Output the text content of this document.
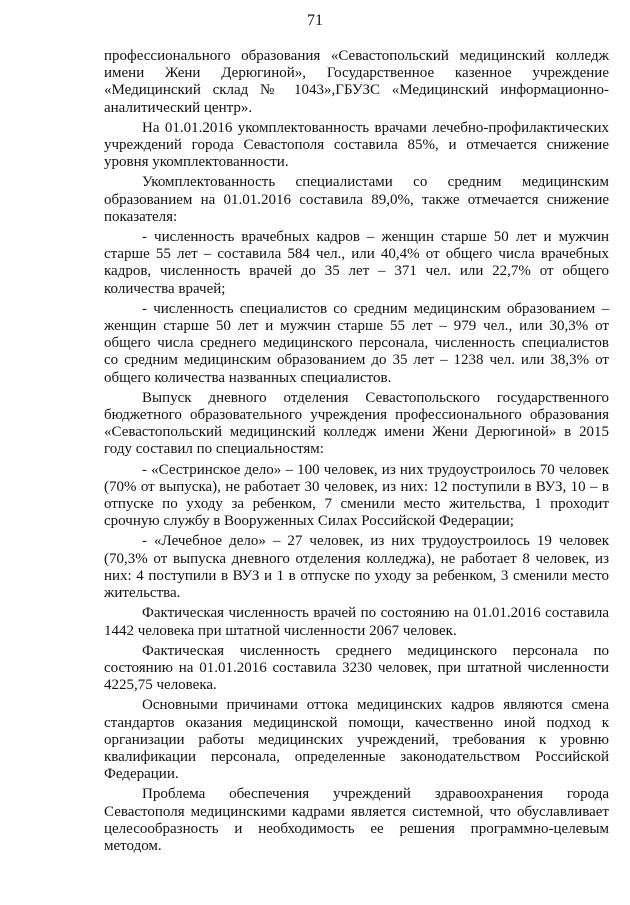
71

профессионального образования «Севастопольский медицинский колледж имени Жени Дерюгиной», Государственное казенное учреждение «Медицинский склад № 1043»,ГБУЗС «Медицинский информационно-аналитический центр».

На 01.01.2016 укомплектованность врачами лечебно-профилактических учреждений города Севастополя составила 85%, и отмечается снижение уровня укомплектованности.

Укомплектованность специалистами со средним медицинским образованием на 01.01.2016 составила 89,0%, также отмечается снижение показателя:

- численность врачебных кадров – женщин старше 50 лет и мужчин старше 55 лет – составила 584 чел., или 40,4% от общего числа врачебных кадров, численность врачей до 35 лет – 371 чел. или 22,7% от общего количества врачей;

- численность специалистов со средним медицинским образованием – женщин старше 50 лет и мужчин старше 55 лет – 979 чел., или 30,3% от общего числа среднего медицинского персонала, численность специалистов со средним медицинским образованием до 35 лет – 1238 чел. или 38,3% от общего количества названных специалистов.

Выпуск дневного отделения Севастопольского государственного бюджетного образовательного учреждения профессионального образования «Севастопольский медицинский колледж имени Жени Дерюгиной» в 2015 году составил по специальностям:

- «Сестринское дело» – 100 человек, из них трудоустроилось 70 человек (70% от выпуска), не работает 30 человек, из них: 12 поступили в ВУЗ, 10 – в отпуске по уходу за ребенком, 7 сменили место жительства, 1 проходит срочную службу в Вооруженных Силах Российской Федерации;

- «Лечебное дело» – 27 человек, из них трудоустроилось 19 человек (70,3% от выпуска дневного отделения колледжа), не работает 8 человек, из них: 4 поступили в ВУЗ и 1 в отпуске по уходу за ребенком, 3 сменили место жительства.

Фактическая численность врачей по состоянию на 01.01.2016 составила 1442 человека при штатной численности 2067 человек.

Фактическая численность среднего медицинского персонала по состоянию на 01.01.2016 составила 3230 человек, при штатной численности 4225,75 человека.

Основными причинами оттока медицинских кадров являются смена стандартов оказания медицинской помощи, качественно иной подход к организации работы медицинских учреждений, требования к уровню квалификации персонала, определенные законодательством Российской Федерации.

Проблема обеспечения учреждений здравоохранения города Севастополя медицинскими кадрами является системной, что обуславливает целесообразность и необходимость ее решения программно-целевым методом.
